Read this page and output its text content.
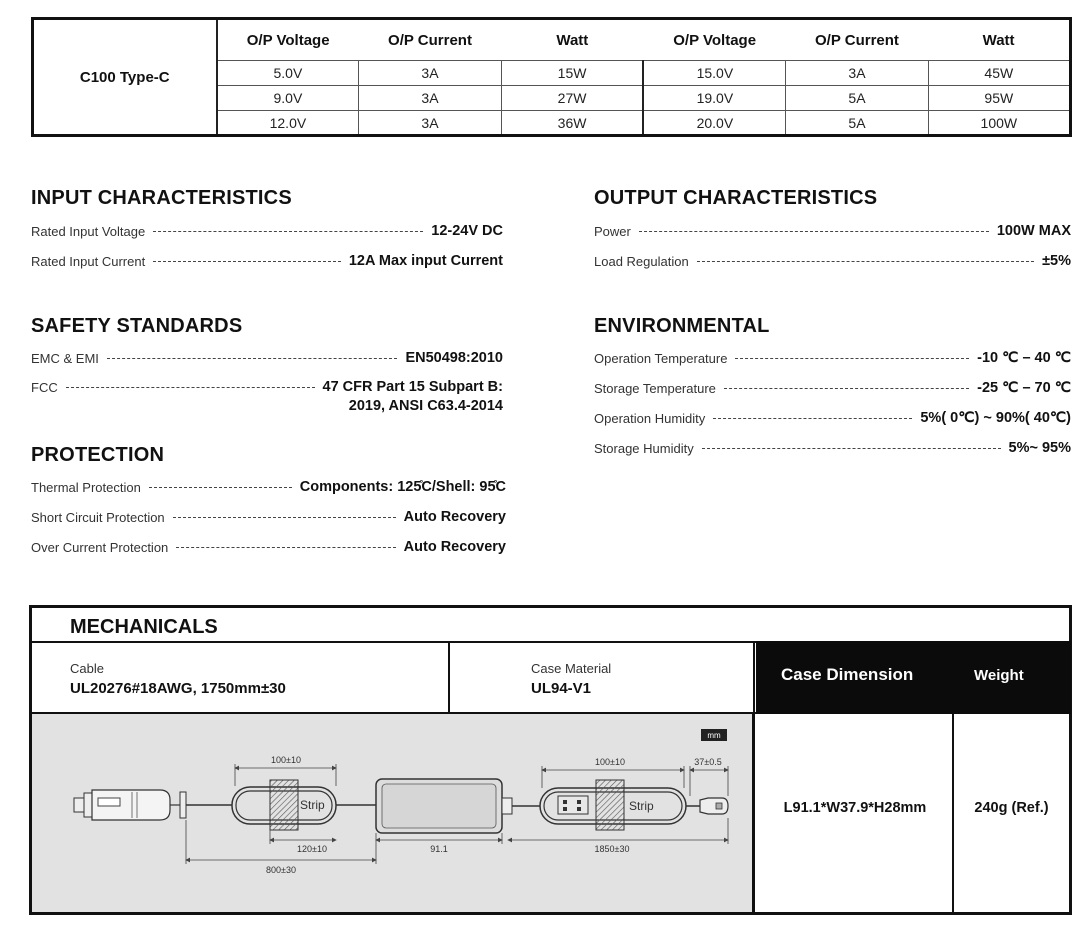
C100 Type-C	O/P Voltage	O/P Current	Watt	O/P Voltage	O/P Current	Watt
	5.0V	3A	15W	15.0V	3A	45W
	9.0V	3A	27W	19.0V	5A	95W
	12.0V	3A	36W	20.0V	5A	100W
INPUT CHARACTERISTICS
Rated Input Voltage	12-24V DC
Rated Input Current	12A Max input Current
OUTPUT CHARACTERISTICS
Power	100W MAX
Load Regulation	±5%
SAFETY STANDARDS
EMC & EMI	EN50498:2010
FCC	47 CFR Part 15 Subpart B:
2019, ANSI C63.4-2014
ENVIRONMENTAL
Operation Temperature	-10 ℃ – 40 ℃
Storage Temperature	-25 ℃ – 70 ℃
Operation Humidity	5%( 0℃) ~ 90%( 40℃)
Storage Humidity	5%~ 95%
PROTECTION
Thermal Protection	Components: 125̊C/Shell: 95̊C
Short Circuit Protection	Auto Recovery
Over Current Protection	Auto Recovery
MECHANICALS
Cable
UL20276#18AWG, 1750mm±30
Case Material
UL94-V1
Case Dimension	Weight
mm
Strip	Strip
100±10
120±10
800±30
91.1	1850±30
100±10	37±0.5
L91.1*W37.9*H28mm	240g (Ref.)
